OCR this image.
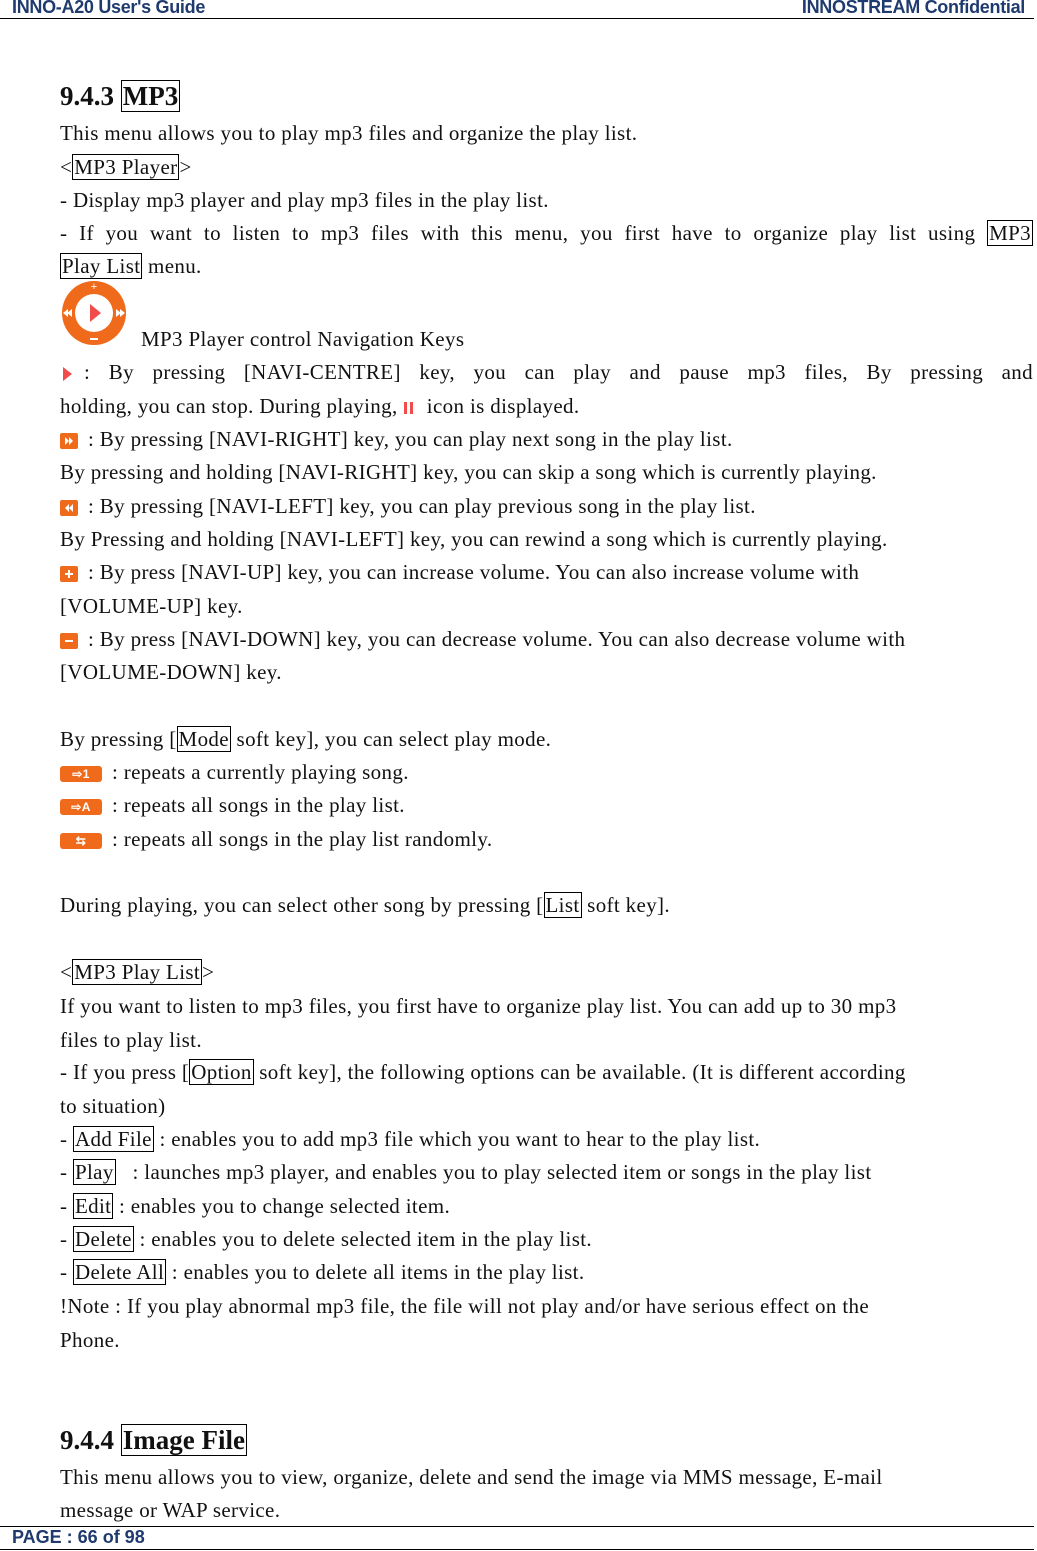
INNO-A20 User's Guide	INNOSTREAM Confidential
9.4.3 MP3
This menu allows you to play mp3 files and organize the play list.
<MP3 Player>
- Display mp3 player and play mp3 files in the play list.
- If you want to listen to mp3 files with this menu, you first have to organize play list using MP3
Play List menu.
+
MP3 Player control Navigation Keys
: By pressing [NAVI-CENTRE] key, you can play and pause mp3 files, By pressing and
holding, you can stop. During playing,  icon is displayed.
: By pressing [NAVI-RIGHT] key, you can play next song in the play list.
By pressing and holding [NAVI-RIGHT] key, you can skip a song which is currently playing.
: By pressing [NAVI-LEFT] key, you can play previous song in the play list.
By Pressing and holding [NAVI-LEFT] key, you can rewind a song which is currently playing.
: By press [NAVI-UP] key, you can increase volume. You can also increase volume with
[VOLUME-UP] key.
: By press [NAVI-DOWN] key, you can decrease volume. You can also decrease volume with
[VOLUME-DOWN] key.
By pressing [Mode soft key], you can select play mode.
⇨1 : repeats a currently playing song.
⇨A : repeats all songs in the play list.
⇆ : repeats all songs in the play list randomly.
During playing, you can select other song by pressing [List soft key].
<MP3 Play List>
If you want to listen to mp3 files, you first have to organize play list. You can add up to 30 mp3
files to play list.
- If you press [Option soft key], the following options can be available. (It is different according
to situation)
- Add File : enables you to add mp3 file which you want to hear to the play list.
- Play   : launches mp3 player, and enables you to play selected item or songs in the play list
- Edit : enables you to change selected item.
- Delete : enables you to delete selected item in the play list.
- Delete All : enables you to delete all items in the play list.
!Note : If you play abnormal mp3 file, the file will not play and/or have serious effect on the
Phone.
9.4.4 Image File
This menu allows you to view, organize, delete and send the image via MMS message, E-mail
message or WAP service.
PAGE : 66 of 98
